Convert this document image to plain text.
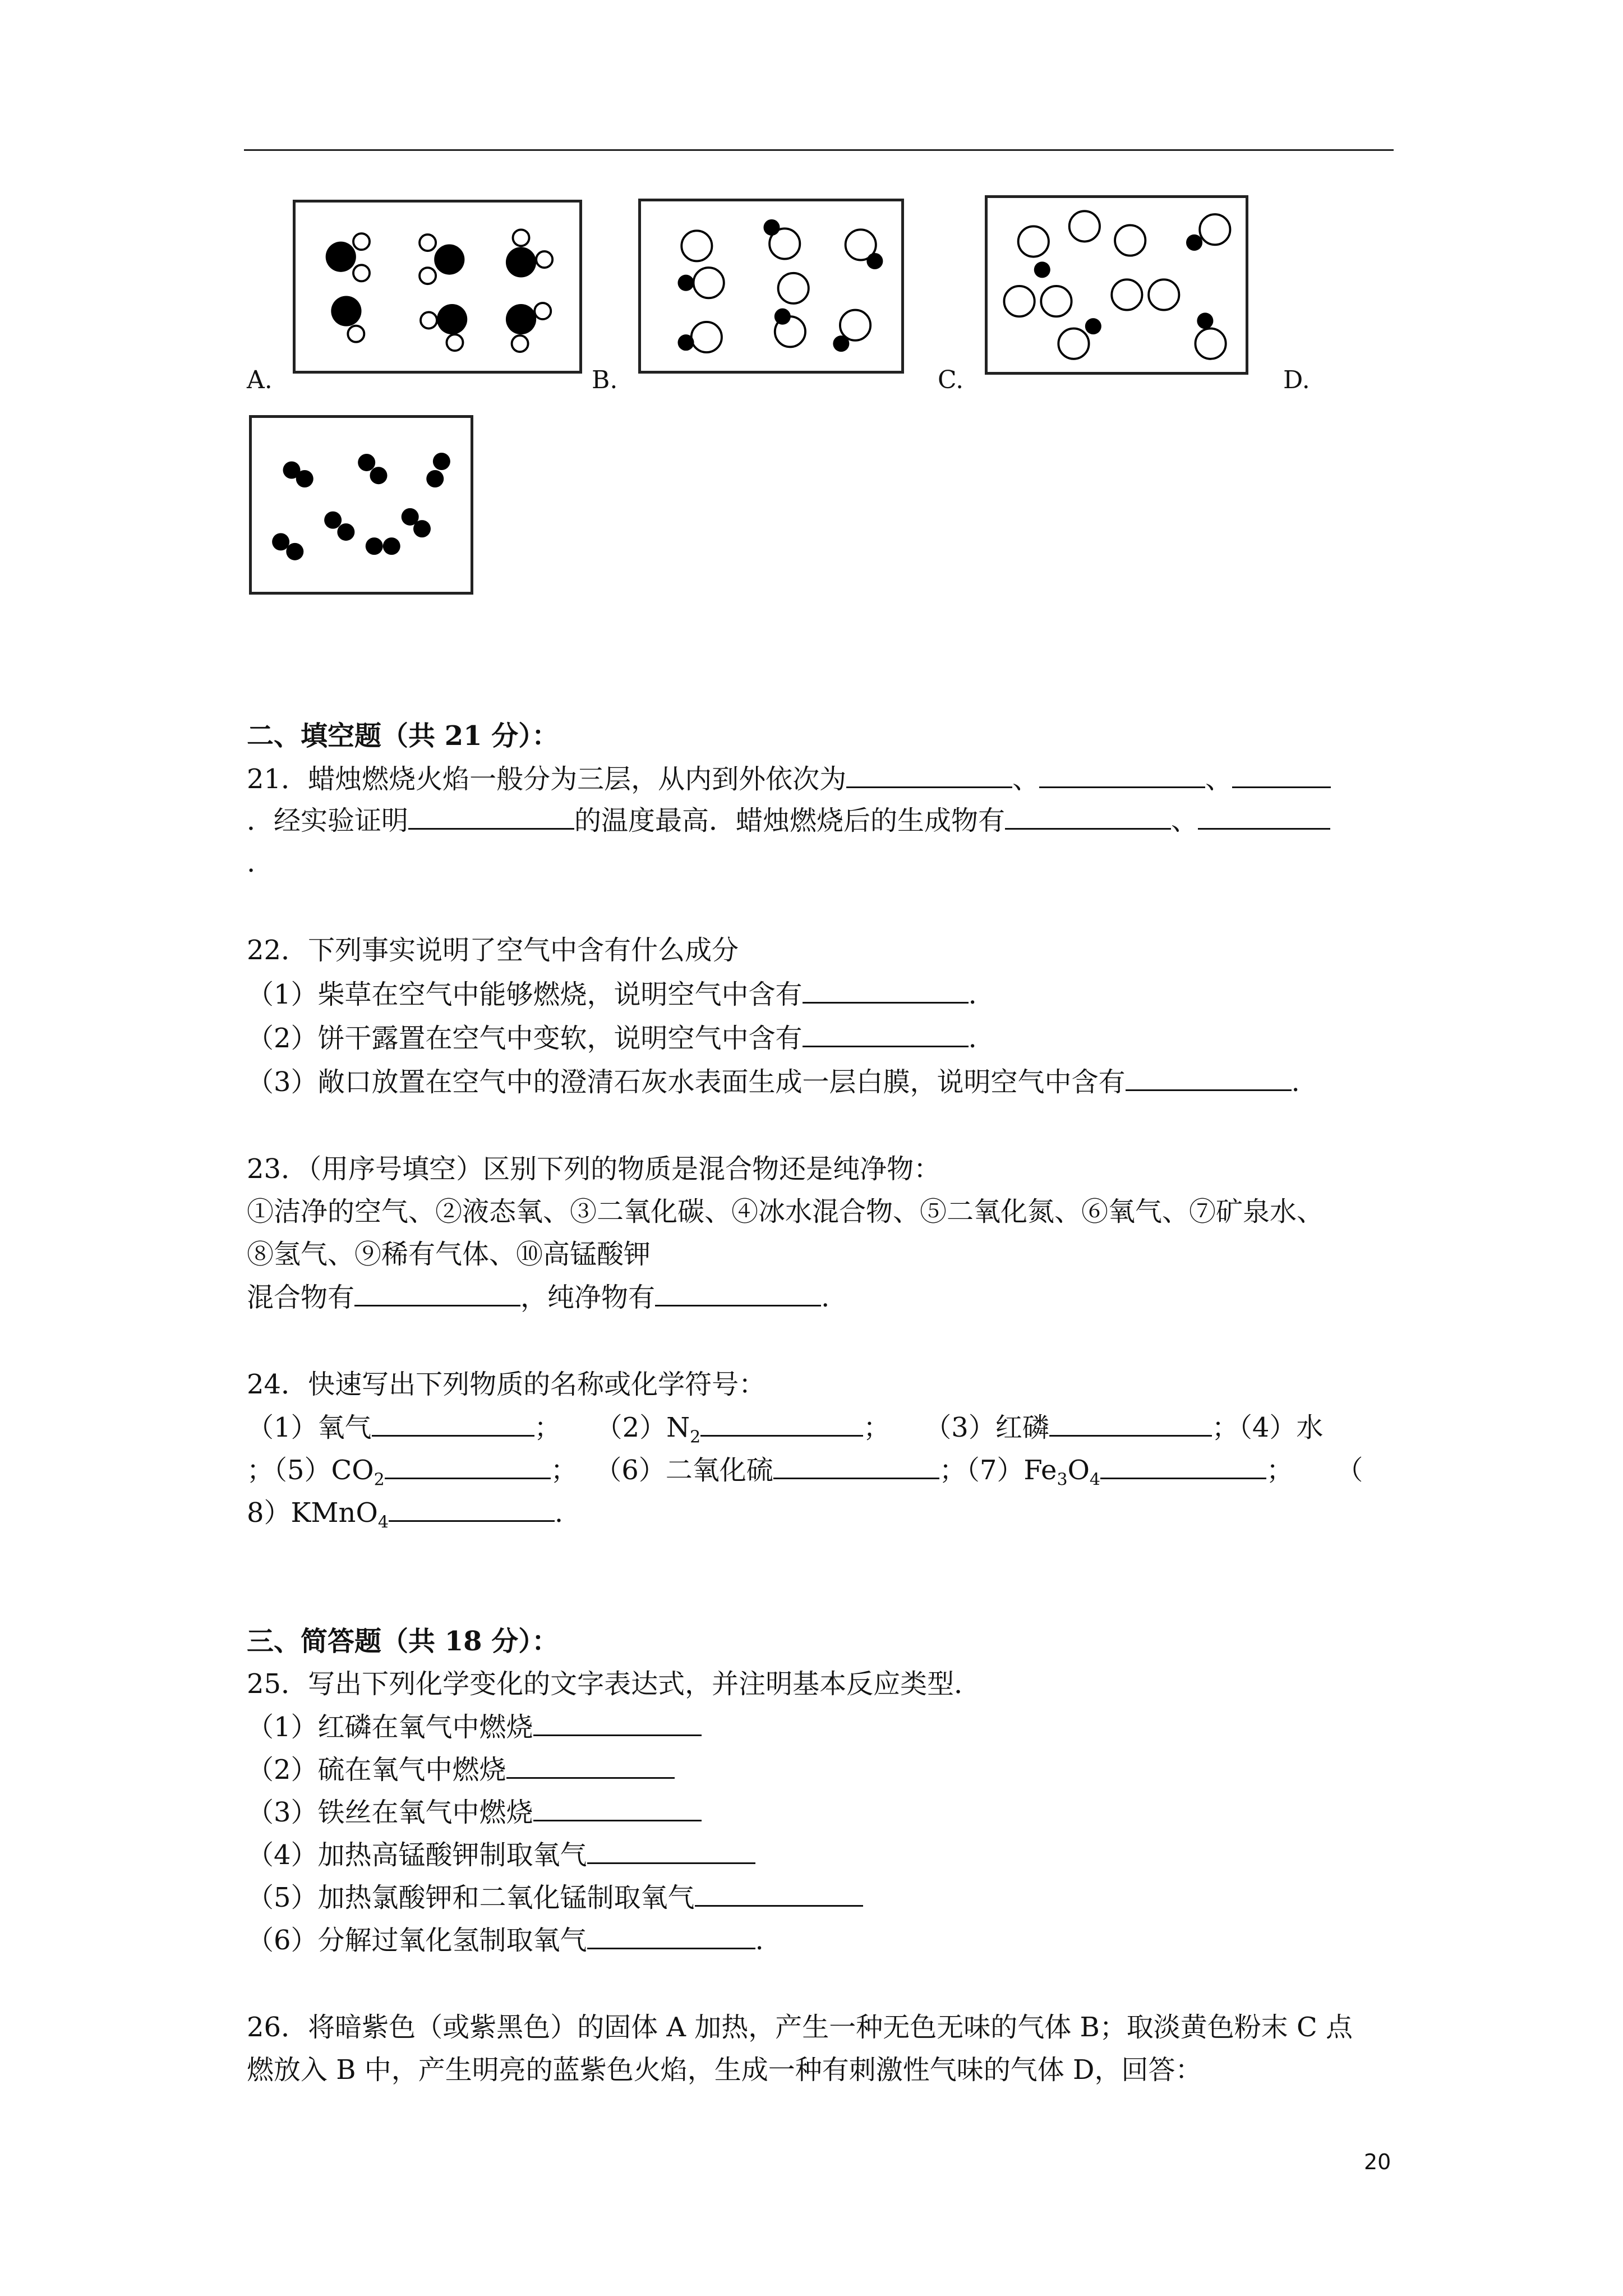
A.	B.	C.	D.
二、填空题（共 21 分）：
21．蜡烛燃烧火焰一般分为三层，从内到外依次为	、	、
．经实验证明	的温度最高．蜡烛燃烧后的生成物有	、
.
22．下列事实说明了空气中含有什么成分
（1）柴草在空气中能够燃烧，说明空气中含有	.
（2）饼干露置在空气中变软，说明空气中含有	.
（3）敞口放置在空气中的澄清石灰水表面生成一层白膜，说明空气中含有	.
23．（用序号填空）区别下列的物质是混合物还是纯净物：
①洁净的空气、②液态氧、③二氧化碳、④冰水混合物、⑤二氧化氮、⑥氧气、⑦矿泉水、
⑧氢气、⑨稀有气体、⑩高锰酸钾
混合物有	，纯净物有	.
24．快速写出下列物质的名称或化学符号：
（1）氧气	； $(2)N_2$	； （3）红磷	；（4）水
；$(5)CO_2$	； （6）二氧化硫	；$(7)Fe_3O_4$	； （
8）KMnO$_4$	.
三、简答题（共 18 分）：
25．写出下列化学变化的文字表达式，并注明基本反应类型．
（1）红磷在氧气中燃烧
（2）硫在氧气中燃烧
（3）铁丝在氧气中燃烧
（4）加热高锰酸钾制取氧气
（5）加热氯酸钾和二氧化锰制取氧气
（6）分解过氧化氢制取氧气	.
26．将暗紫色（或紫黑色）的固体 A 加热，产生一种无色无味的气体 B；取淡黄色粉末 C 点
燃放入 B 中，产生明亮的蓝紫色火焰，生成一种有刺激性气味的气体 D，回答：
20
